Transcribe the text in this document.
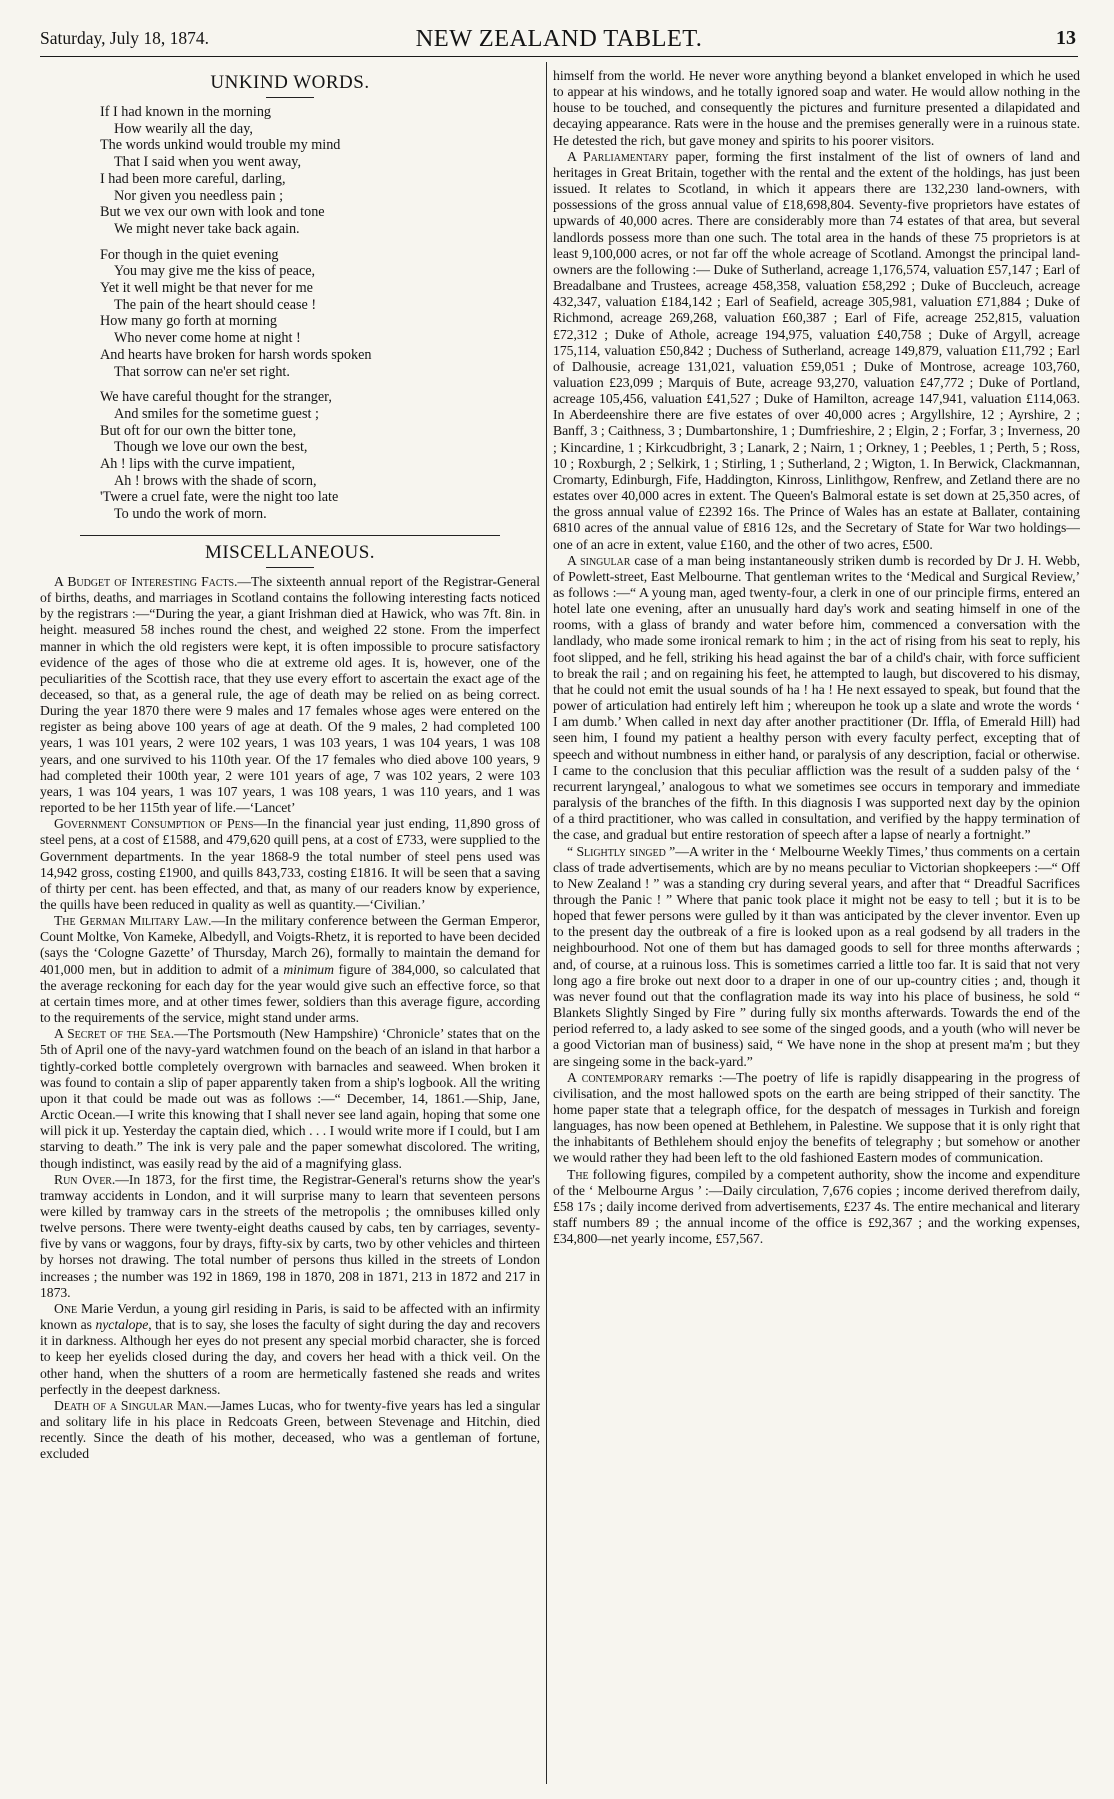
Saturday, July 18, 1874.	NEW ZEALAND TABLET.	13
UNKIND WORDS.
If I had known in the morning
How wearily all the day,
The words unkind would trouble my mind
That I said when you went away,
I had been more careful, darling,
Nor given you needless pain ;
But we vex our own with look and tone
We might never take back again.
For though in the quiet evening
You may give me the kiss of peace,
Yet it well might be that never for me
The pain of the heart should cease !
How many go forth at morning
Who never come home at night !
And hearts have broken for harsh words spoken
That sorrow can ne'er set right.
We have careful thought for the stranger,
And smiles for the sometime guest ;
But oft for our own the bitter tone,
Though we love our own the best,
Ah ! lips with the curve impatient,
Ah ! brows with the shade of scorn,
'Twere a cruel fate, were the night too late
To undo the work of morn.
MISCELLANEOUS.

A Budget of Interesting Facts.—The sixteenth annual report of the Registrar-General of births, deaths, and marriages in Scotland contains the following interesting facts noticed by the registrars :—“During the year, a giant Irishman died at Hawick, who was 7ft. 8in. in height. measured 58 inches round the chest, and weighed 22 stone. From the imperfect manner in which the old registers were kept, it is often impossible to procure satisfactory evidence of the ages of those who die at extreme old ages. It is, however, one of the peculiarities of the Scottish race, that they use every effort to ascertain the exact age of the deceased, so that, as a general rule, the age of death may be relied on as being correct. During the year 1870 there were 9 males and 17 females whose ages were entered on the register as being above 100 years of age at death. Of the 9 males, 2 had completed 100 years, 1 was 101 years, 2 were 102 years, 1 was 103 years, 1 was 104 years, 1 was 108 years, and one survived to his 110th year. Of the 17 females who died above 100 years, 9 had completed their 100th year, 2 were 101 years of age, 7 was 102 years, 2 were 103 years, 1 was 104 years, 1 was 107 years, 1 was 108 years, 1 was 110 years, and 1 was reported to be her 115th year of life.—‘Lancet’

Government Consumption of Pens—In the financial year just ending, 11,890 gross of steel pens, at a cost of £1588, and 479,620 quill pens, at a cost of £733, were supplied to the Government departments. In the year 1868-9 the total number of steel pens used was 14,942 gross, costing £1900, and quills 843,733, costing £1816. It will be seen that a saving of thirty per cent. has been effected, and that, as many of our readers know by experience, the quills have been reduced in quality as well as quantity.—‘Civilian.’

The German Military Law.—In the military conference between the German Emperor, Count Moltke, Von Kameke, Albedyll, and Voigts-Rhetz, it is reported to have been decided (says the ‘Cologne Gazette’ of Thursday, March 26), formally to maintain the demand for 401,000 men, but in addition to admit of a minimum figure of 384,000, so calculated that the average reckoning for each day for the year would give such an effective force, so that at certain times more, and at other times fewer, soldiers than this average figure, according to the requirements of the service, might stand under arms.

A Secret of the Sea.—The Portsmouth (New Hampshire) ‘Chronicle’ states that on the 5th of April one of the navy-yard watchmen found on the beach of an island in that harbor a tightly-corked bottle completely overgrown with barnacles and seaweed. When broken it was found to contain a slip of paper apparently taken from a ship's logbook. All the writing upon it that could be made out was as follows :—“ December, 14, 1861.—Ship, Jane, Arctic Ocean.—I write this knowing that I shall never see land again, hoping that some one will pick it up. Yesterday the captain died, which . . . I would write more if I could, but I am starving to death.” The ink is very pale and the paper somewhat discolored. The writing, though indistinct, was easily read by the aid of a magnifying glass.

Run Over.—In 1873, for the first time, the Registrar-General's returns show the year's tramway accidents in London, and it will surprise many to learn that seventeen persons were killed by tramway cars in the streets of the metropolis ; the omnibuses killed only twelve persons. There were twenty-eight deaths caused by cabs, ten by carriages, seventy-five by vans or waggons, four by drays, fifty-six by carts, two by other vehicles and thirteen by horses not drawing. The total number of persons thus killed in the streets of London increases ; the number was 192 in 1869, 198 in 1870, 208 in 1871, 213 in 1872 and 217 in 1873.

One Marie Verdun, a young girl residing in Paris, is said to be affected with an infirmity known as nyctalope, that is to say, she loses the faculty of sight during the day and recovers it in darkness. Although her eyes do not present any special morbid character, she is forced to keep her eyelids closed during the day, and covers her head with a thick veil. On the other hand, when the shutters of a room are hermetically fastened she reads and writes perfectly in the deepest darkness.

Death of a Singular Man.—James Lucas, who for twenty-five years has led a singular and solitary life in his place in Redcoats Green, between Stevenage and Hitchin, died recently. Since the death of his mother, deceased, who was a gentleman of fortune, excluded

himself from the world. He never wore anything beyond a blanket enveloped in which he used to appear at his windows, and he totally ignored soap and water. He would allow nothing in the house to be touched, and consequently the pictures and furniture presented a dilapidated and decaying appearance. Rats were in the house and the premises generally were in a ruinous state. He detested the rich, but gave money and spirits to his poorer visitors.

A Parliamentary paper, forming the first instalment of the list of owners of land and heritages in Great Britain, together with the rental and the extent of the holdings, has just been issued. It relates to Scotland, in which it appears there are 132,230 land-owners, with possessions of the gross annual value of £18,698,804. Seventy-five proprietors have estates of upwards of 40,000 acres. There are considerably more than 74 estates of that area, but several landlords possess more than one such. The total area in the hands of these 75 proprietors is at least 9,100,000 acres, or not far off the whole acreage of Scotland. Amongst the principal land-owners are the following :— Duke of Sutherland, acreage 1,176,574, valuation £57,147 ; Earl of Breadalbane and Trustees, acreage 458,358, valuation £58,292 ; Duke of Buccleuch, acreage 432,347, valuation £184,142 ; Earl of Seafield, acreage 305,981, valuation £71,884 ; Duke of Richmond, acreage 269,268, valuation £60,387 ; Earl of Fife, acreage 252,815, valuation £72,312 ; Duke of Athole, acreage 194,975, valuation £40,758 ; Duke of Argyll, acreage 175,114, valuation £50,842 ; Duchess of Sutherland, acreage 149,879, valuation £11,792 ; Earl of Dalhousie, acreage 131,021, valuation £59,051 ; Duke of Montrose, acreage 103,760, valuation £23,099 ; Marquis of Bute, acreage 93,270, valuation £47,772 ; Duke of Portland, acreage 105,456, valuation £41,527 ; Duke of Hamilton, acreage 147,941, valuation £114,063. In Aberdeenshire there are five estates of over 40,000 acres ; Argyllshire, 12 ; Ayrshire, 2 ; Banff, 3 ; Caithness, 3 ; Dumbartonshire, 1 ; Dumfrieshire, 2 ; Elgin, 2 ; Forfar, 3 ; Inverness, 20 ; Kincardine, 1 ; Kirkcudbright, 3 ; Lanark, 2 ; Nairn, 1 ; Orkney, 1 ; Peebles, 1 ; Perth, 5 ; Ross, 10 ; Roxburgh, 2 ; Selkirk, 1 ; Stirling, 1 ; Sutherland, 2 ; Wigton, 1. In Berwick, Clackmannan, Cromarty, Edinburgh, Fife, Haddington, Kinross, Linlithgow, Renfrew, and Zetland there are no estates over 40,000 acres in extent. The Queen's Balmoral estate is set down at 25,350 acres, of the gross annual value of £2392 16s. The Prince of Wales has an estate at Ballater, containing 6810 acres of the annual value of £816 12s, and the Secretary of State for War two holdings—one of an acre in extent, value £160, and the other of two acres, £500.

A singular case of a man being instantaneously striken dumb is recorded by Dr J. H. Webb, of Powlett-street, East Melbourne. That gentleman writes to the ‘Medical and Surgical Review,’ as follows :—“ A young man, aged twenty-four, a clerk in one of our principle firms, entered an hotel late one evening, after an unusually hard day's work and seating himself in one of the rooms, with a glass of brandy and water before him, commenced a conversation with the landlady, who made some ironical remark to him ; in the act of rising from his seat to reply, his foot slipped, and he fell, striking his head against the bar of a child's chair, with force sufficient to break the rail ; and on regaining his feet, he attempted to laugh, but discovered to his dismay, that he could not emit the usual sounds of ha ! ha ! He next essayed to speak, but found that the power of articulation had entirely left him ; whereupon he took up a slate and wrote the words ‘ I am dumb.’ When called in next day after another practitioner (Dr. Iffla, of Emerald Hill) had seen him, I found my patient a healthy person with every faculty perfect, excepting that of speech and without numbness in either hand, or paralysis of any description, facial or otherwise. I came to the conclusion that this peculiar affliction was the result of a sudden palsy of the ‘ recurrent laryngeal,’ analogous to what we sometimes see occurs in temporary and immediate paralysis of the branches of the fifth. In this diagnosis I was supported next day by the opinion of a third practitioner, who was called in consultation, and verified by the happy termination of the case, and gradual but entire restoration of speech after a lapse of nearly a fortnight.”

“ Slightly singed ”—A writer in the ‘ Melbourne Weekly Times,’ thus comments on a certain class of trade advertisements, which are by no means peculiar to Victorian shopkeepers :—“ Off to New Zealand ! ” was a standing cry during several years, and after that “ Dreadful Sacrifices through the Panic ! ” Where that panic took place it might not be easy to tell ; but it is to be hoped that fewer persons were gulled by it than was anticipated by the clever inventor. Even up to the present day the outbreak of a fire is looked upon as a real godsend by all traders in the neighbourhood. Not one of them but has damaged goods to sell for three months afterwards ; and, of course, at a ruinous loss. This is sometimes carried a little too far. It is said that not very long ago a fire broke out next door to a draper in one of our up-country cities ; and, though it was never found out that the conflagration made its way into his place of business, he sold “ Blankets Slightly Singed by Fire ” during fully six months afterwards. Towards the end of the period referred to, a lady asked to see some of the singed goods, and a youth (who will never be a good Victorian man of business) said, “ We have none in the shop at present ma'm ; but they are singeing some in the back-yard.”

A contemporary remarks :—The poetry of life is rapidly disappearing in the progress of civilisation, and the most hallowed spots on the earth are being stripped of their sanctity. The home paper state that a telegraph office, for the despatch of messages in Turkish and foreign languages, has now been opened at Bethlehem, in Palestine. We suppose that it is only right that the inhabitants of Bethlehem should enjoy the benefits of telegraphy ; but somehow or another we would rather they had been left to the old fashioned Eastern modes of communication.

The following figures, compiled by a competent authority, show the income and expenditure of the ‘ Melbourne Argus ’ :—Daily circulation, 7,676 copies ; income derived therefrom daily, £58 17s ; daily income derived from advertisements, £237 4s. The entire mechanical and literary staff numbers 89 ; the annual income of the office is £92,367 ; and the working expenses, £34,800—net yearly income, £57,567.
